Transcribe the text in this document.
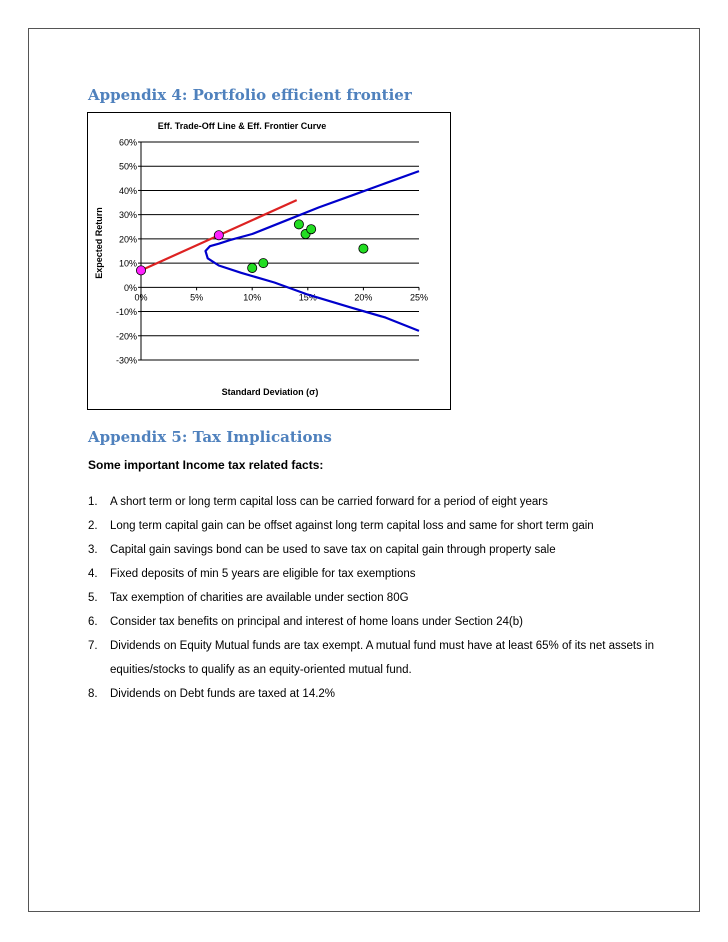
Appendix 4: Portfolio efficient frontier
Eff. Trade-Off Line & Eff. Frontier Curve
60%
50%
40%
30%
20%
10%
0%
-10%
-20%
-30%
0%	5%	10%	15%	20%	25%
Standard Deviation (σ)
Expected Return
Appendix 5: Tax Implications
Some important Income tax related facts:
1. A short term or long term capital loss can be carried forward for a period of eight years
2. Long term capital gain can be offset against long term capital loss and same for short term gain
3. Capital gain savings bond can be used to save tax on capital gain through property sale
4. Fixed deposits of min 5 years are eligible for tax exemptions
5. Tax exemption of charities are available under section 80G
6. Consider tax benefits on principal and interest of home loans under Section 24(b)
7. Dividends on Equity Mutual funds are tax exempt. A mutual fund must have at least 65% of its net assets in equities/stocks to qualify as an equity-oriented mutual fund.
8. Dividends on Debt funds are taxed at 14.2%
